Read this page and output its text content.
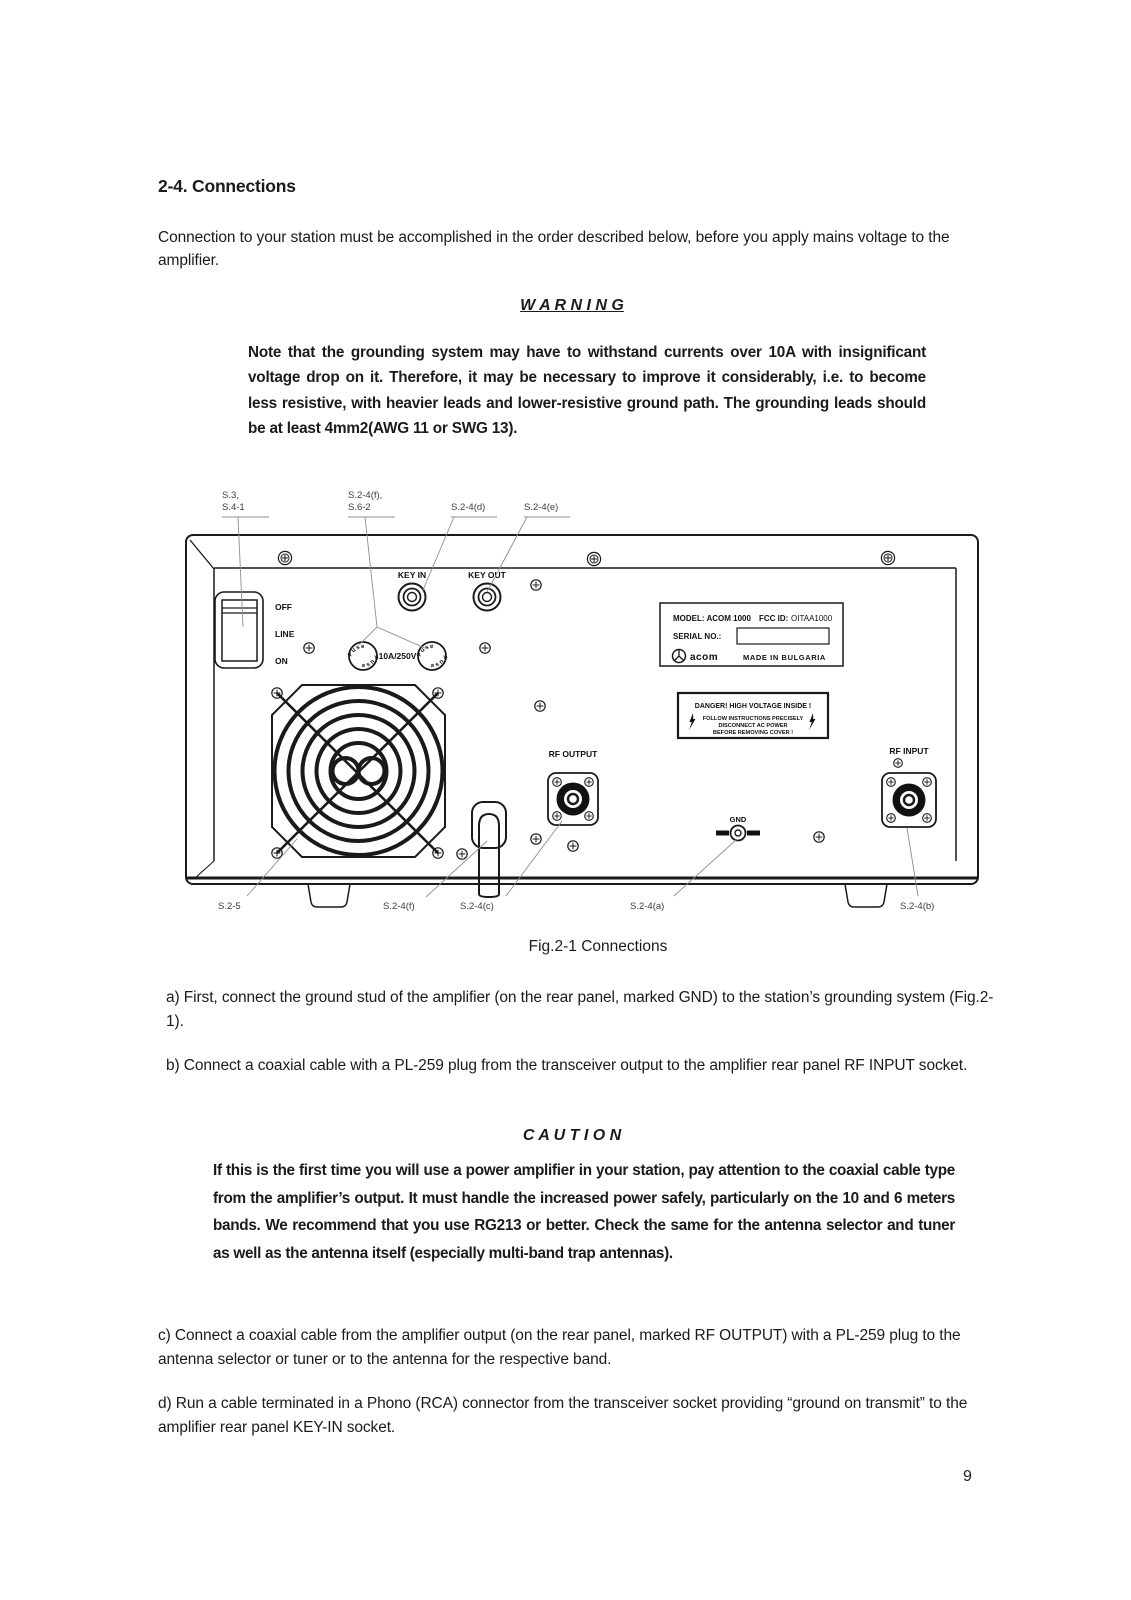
2-4. Connections
Connection to your station must be accomplished in the order described below, before you apply mains voltage to the amplifier.
W A R N I N G
Note that the grounding system may have to withstand currents over 10A with insignificant voltage drop on it. Therefore, it may be necessary to improve it considerably, i.e. to become less resistive, with heavier leads and lower-resistive ground path. The grounding leads should be at least 4mm2(AWG 11 or SWG 13).
OFF
LINE
ON
KEY IN	KEY OUT
Fuse
Fuse
Fuse
Fuse
10A/250V
MODEL: ACOM 1000 FCC ID: OITAA1000
SERIAL NO.:
acom	MADE IN BULGARIA
DANGER! HIGH VOLTAGE INSIDE !
FOLLOW INSTRUCTIONS PRECISELY
DISCONNECT AC POWER
BEFORE REMOVING COVER !
RF OUTPUT	RF INPUT
GND
S.3,
S.4-1
S.2-4(f),
S.6-2	S.2-4(d)	S.2-4(e)
S.2-5	S.2-4(f)	S.2-4(c)	S.2-4(a)	S.2-4(b)
Fig.2-1 Connections
a) First, connect the ground stud of the amplifier (on the rear panel, marked GND) to the station’s grounding system (Fig.2-1).
b) Connect a coaxial cable with a PL-259 plug from the transceiver output to the amplifier rear panel RF INPUT socket.
C A U T I O N
If this is the first time you will use a power amplifier in your station, pay attention to the coaxial cable type from the amplifier’s output. It must handle the increased power safely, particularly on the 10 and 6 meters bands. We recommend that you use RG213 or better. Check the same for the antenna selector and tuner as well as the antenna itself (especially multi-band trap antennas).
c) Connect a coaxial cable from the amplifier output (on the rear panel, marked RF OUTPUT) with a PL-259 plug to the antenna selector or tuner or to the antenna for the respective band.
d) Run a cable terminated in a Phono (RCA) connector from the transceiver socket providing “ground on transmit” to the amplifier rear panel KEY-IN socket.
9
